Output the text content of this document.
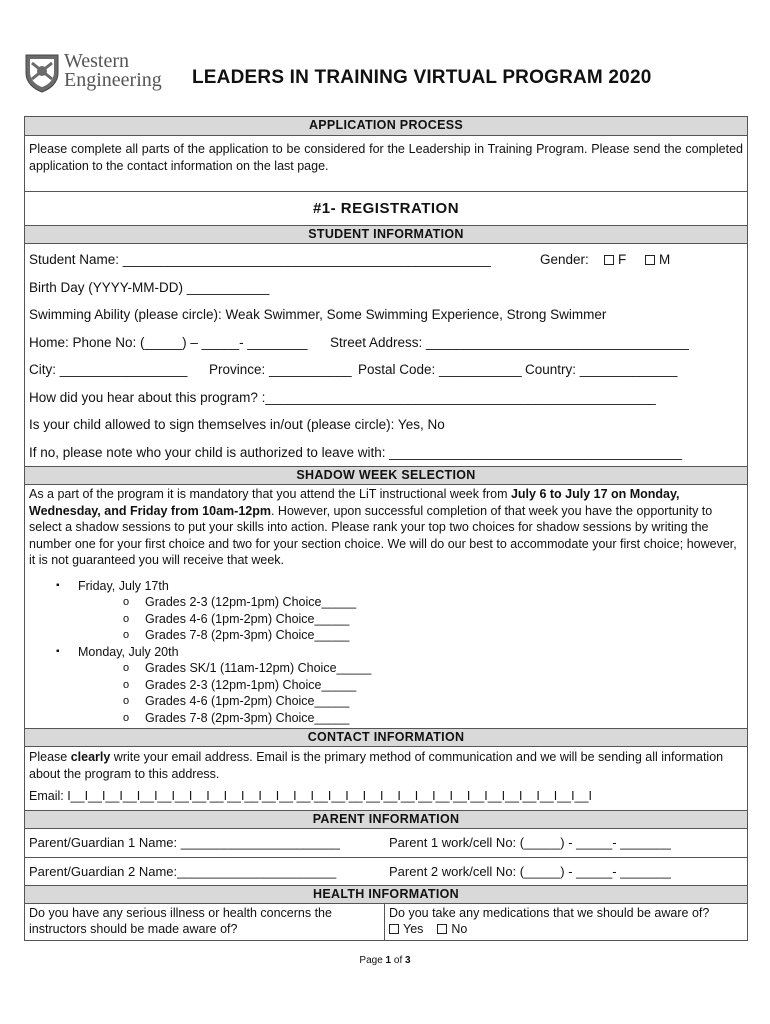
Western
Engineering LEADERS IN TRAINING VIRTUAL PROGRAM 2020
APPLICATION PROCESS
Please complete all parts of the application to be considered for the Leadership in Training Program. Please send the completed application to the contact information on the last page.
#1- REGISTRATION
STUDENT INFORMATION
Student Name: _________________________________________________	Gender:	F	M
Birth Day (YYYY-MM-DD) ___________
Swimming Ability (please circle): Weak Swimmer, Some Swimming Experience, Strong Swimmer
Home: Phone No: (_____) – _____- ________ Street Address: ___________________________________
City: _________________ Province: ___________ Postal Code: ___________ Country: _____________
How did you hear about this program? :____________________________________________________
Is your child allowed to sign themselves in/out (please circle): Yes, No
If no, please note who your child is authorized to leave with: _______________________________________
SHADOW WEEK SELECTION

As a part of the program it is mandatory that you attend the LiT instructional week from July 6 to July 17 on Monday, Wednesday, and Friday from 10am-12pm. However, upon successful completion of that week you have the opportunity to select a shadow sessions to put your skills into action. Please rank your top two choices for shadow sessions by writing the number one for your first choice and two for your section choice. We will do our best to accommodate your first choice; however, it is not guaranteed you will receive that week.

▪ Friday, July 17th
o Grades 2-3 (12pm-1pm) Choice_____
o Grades 4-6 (1pm-2pm) Choice_____
o Grades 7-8 (2pm-3pm) Choice_____
▪ Monday, July 20th
o Grades SK/1 (11am-12pm) Choice_____
o Grades 2-3 (12pm-1pm) Choice_____
o Grades 4-6 (1pm-2pm) Choice_____
o Grades 7-8 (2pm-3pm) Choice_____
CONTACT INFORMATION
Please clearly write your email address. Email is the primary method of communication and we will be sending all information about the program to this address.
Email: I__I__I__I__I__I__I__I__I__I__I__I__I__I__I__I__I__I__I__I__I__I__I__I__I__I__I__I__I__I__I
PARENT INFORMATION
Parent/Guardian 1 Name: ______________________	Parent 1 work/cell No: (_____) - _____- _______
Parent/Guardian 2 Name:______________________	Parent 2 work/cell No: (_____) - _____- _______
HEALTH INFORMATION
Do you have any serious illness or health concerns the instructors should be made aware of?
Do you take any medications that we should be aware of?
Yes No
Page 1 of 3
